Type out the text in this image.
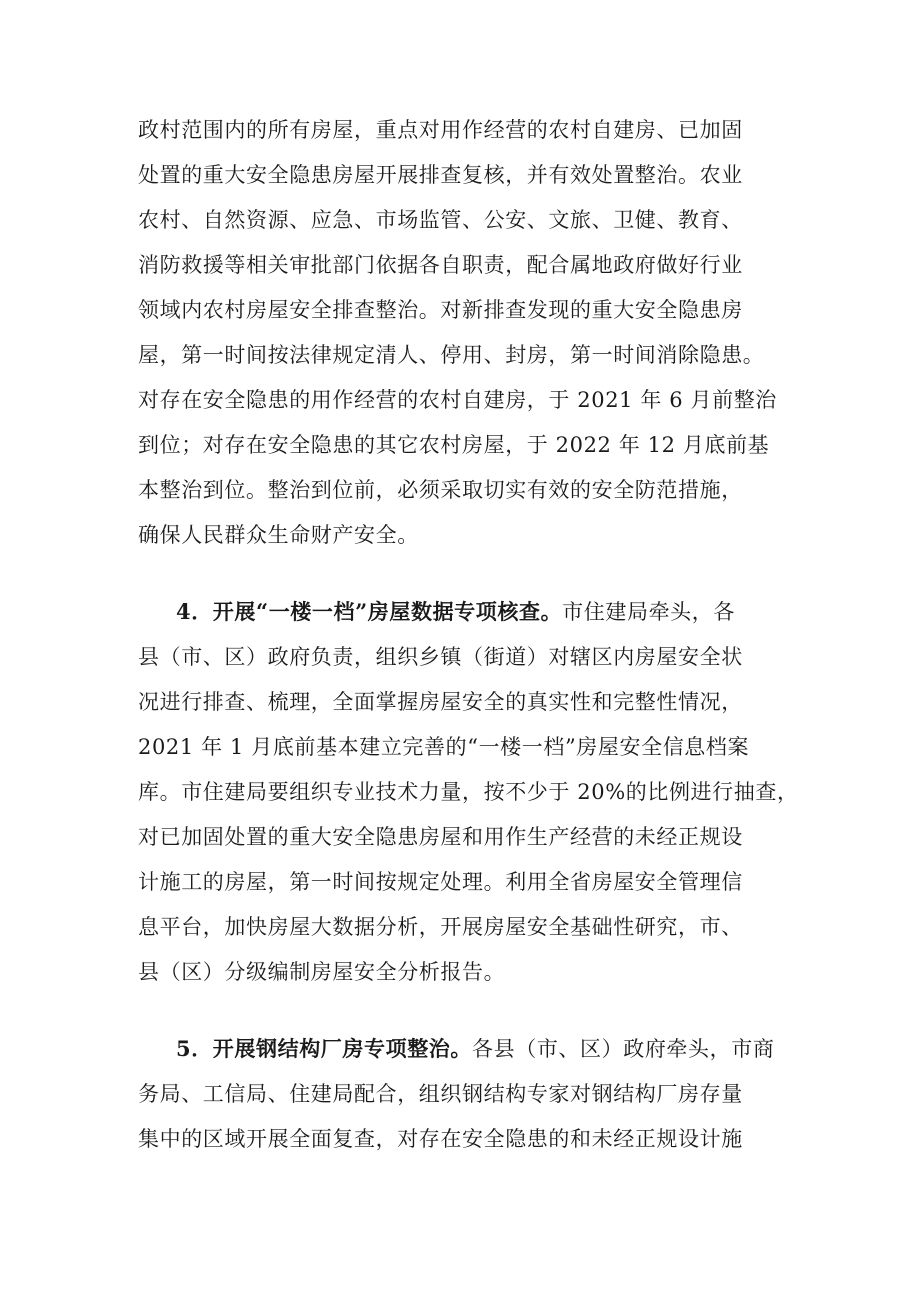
政村范围内的所有房屋，重点对用作经营的农村自建房、已加固
处置的重大安全隐患房屋开展排查复核，并有效处置整治。农业
农村、自然资源、应急、市场监管、公安、文旅、卫健、教育、
消防救援等相关审批部门依据各自职责，配合属地政府做好行业
领域内农村房屋安全排查整治。对新排查发现的重大安全隐患房
屋，第一时间按法律规定清人、停用、封房，第一时间消除隐患。
对存在安全隐患的用作经营的农村自建房，于 2021 年 6 月前整治
到位；对存在安全隐患的其它农村房屋，于 2022 年 12 月底前基
本整治到位。整治到位前，必须采取切实有效的安全防范措施，
确保人民群众生命财产安全。
4．开展“一楼一档”房屋数据专项核查。市住建局牵头，各
县（市、区）政府负责，组织乡镇（街道）对辖区内房屋安全状
况进行排查、梳理，全面掌握房屋安全的真实性和完整性情况，
2021 年 1 月底前基本建立完善的“一楼一档”房屋安全信息档案
库。市住建局要组织专业技术力量，按不少于 20%的比例进行抽查，
对已加固处置的重大安全隐患房屋和用作生产经营的未经正规设
计施工的房屋，第一时间按规定处理。利用全省房屋安全管理信
息平台，加快房屋大数据分析，开展房屋安全基础性研究，市、
县（区）分级编制房屋安全分析报告。
5．开展钢结构厂房专项整治。各县（市、区）政府牵头，市商
务局、工信局、住建局配合，组织钢结构专家对钢结构厂房存量
集中的区域开展全面复查，对存在安全隐患的和未经正规设计施
